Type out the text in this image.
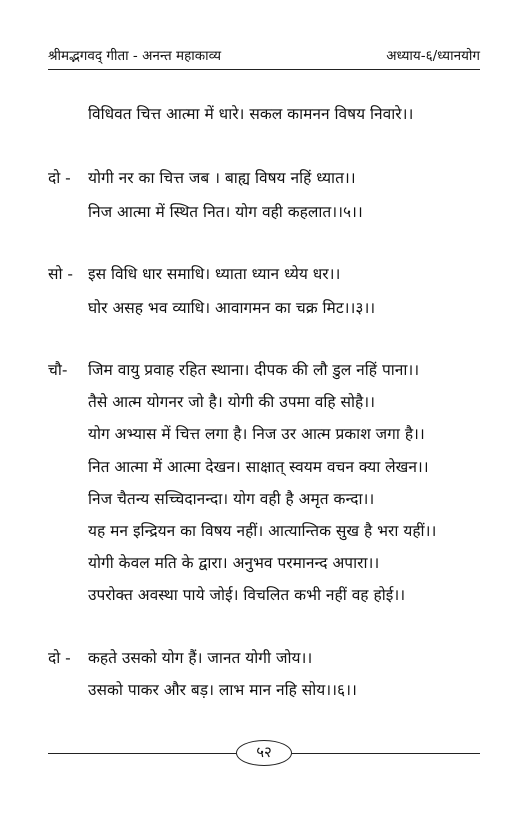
श्रीमद्भगवद् गीता - अनन्त महाकाव्य	अध्याय-६/ध्यानयोग
विधिवत चित्त आत्मा में धारे। सकल कामनन विषय निवारे।।
दो - योगी नर का चित्त जब । बाह्य विषय नहिं ध्यात।।
निज आत्मा में स्थित नित। योग वही कहलात।।५।।
सो - इस विधि धार समाधि। ध्याता ध्यान ध्येय धर।।
घोर असह भव व्याधि। आवागमन का चक्र मिट।।३।।
चौ- जिम वायु प्रवाह रहित स्थाना। दीपक की लौ डुल नहिं पाना।।
तैसे आत्म योगनर जो है। योगी की उपमा वहि सोहै।।
योग अभ्यास में चित्त लगा है। निज उर आत्म प्रकाश जगा है।।
नित आत्मा में आत्मा देखन। साक्षात् स्वयम वचन क्या लेखन।।
निज चैतन्य सच्चिदानन्दा। योग वही है अमृत कन्दा।।
यह मन इन्द्रियन का विषय नहीं। आत्यान्तिक सुख है भरा यहीं।।
योगी केवल मति के द्वारा। अनुभव परमानन्द अपारा।।
उपरोक्त अवस्था पाये जोई। विचलित कभी नहीं वह होई।।
दो - कहते उसको योग हैं। जानत योगी जोय।।
उसको पाकर और बड़। लाभ मान नहि सोय।।६।।
५२
